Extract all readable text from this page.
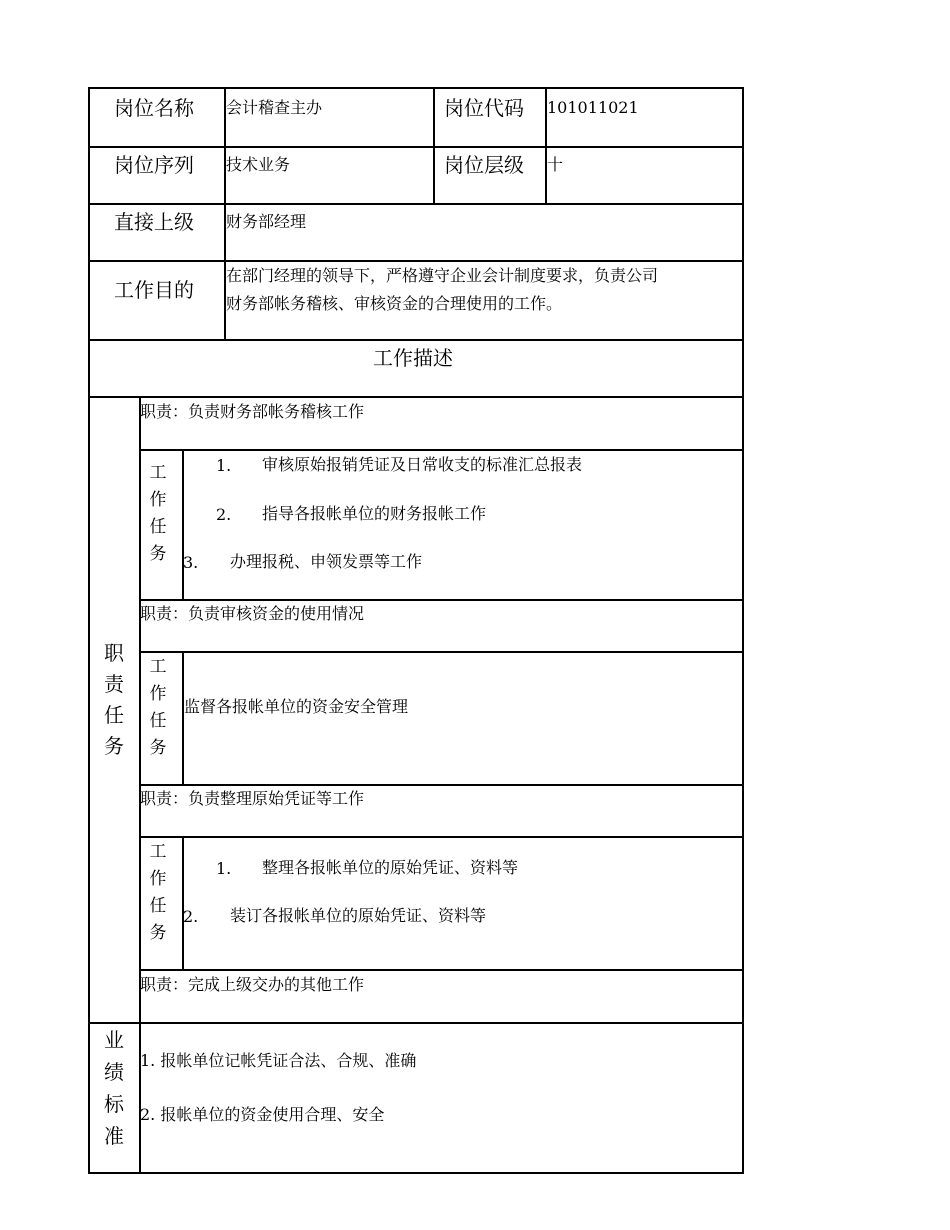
岗位名称 会计稽查主办	岗位代码 101011021
岗位序列 技术业务	岗位层级 十
直接上级 财务部经理
工作目的
在部门经理的领导下，严格遵守企业会计制度要求，负责公司
财务部帐务稽核、审核资金的合理使用的工作。
工作描述
职
责
任
务
职责：负责财务部帐务稽核工作
工
作
任
务
1. 审核原始报销凭证及日常收支的标准汇总报表
2. 指导各报帐单位的财务报帐工作
3. 办理报税、申领发票等工作
职责：负责审核资金的使用情况
工
作
任
务
监督各报帐单位的资金安全管理
职责：负责整理原始凭证等工作
工
作
任
务
1. 整理各报帐单位的原始凭证、资料等
2. 装订各报帐单位的原始凭证、资料等
职责：完成上级交办的其他工作
业
绩
标
准
1. 报帐单位记帐凭证合法、合规、准确
2. 报帐单位的资金使用合理、安全
